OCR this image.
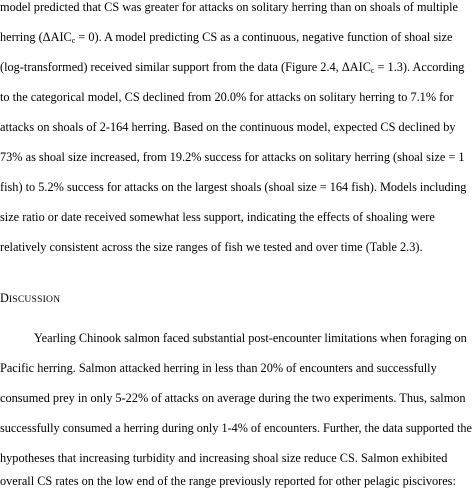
model predicted that CS was greater for attacks on solitary herring than on shoals of multiple
herring $(\Delta AIC_c = 0)$. A model predicting CS as a continuous, negative function of shoal size
(log-transformed) received similar support from the data (Figure 2.4, $\Delta AIC_c = 1.3$). According
to the categorical model, CS declined from 20.0% for attacks on solitary herring to 7.1% for
attacks on shoals of 2-164 herring. Based on the continuous model, expected CS declined by
73% as shoal size increased, from 19.2% success for attacks on solitary herring (shoal size = 1
fish) to 5.2% success for attacks on the largest shoals (shoal size = 164 fish). Models including
size ratio or date received somewhat less support, indicating the effects of shoaling were
relatively consistent across the size ranges of fish we tested and over time (Table 2.3).
DISCUSSION
Yearling Chinook salmon faced substantial post-encounter limitations when foraging on
Pacific herring. Salmon attacked herring in less than 20% of encounters and successfully
consumed prey in only 5-22% of attacks on average during the two experiments. Thus, salmon
successfully consumed a herring during only 1-4% of encounters. Further, the data supported the
hypotheses that increasing turbidity and increasing shoal size reduce CS. Salmon exhibited
overall CS rates on the low end of the range previously reported for other pelagic piscivores:
